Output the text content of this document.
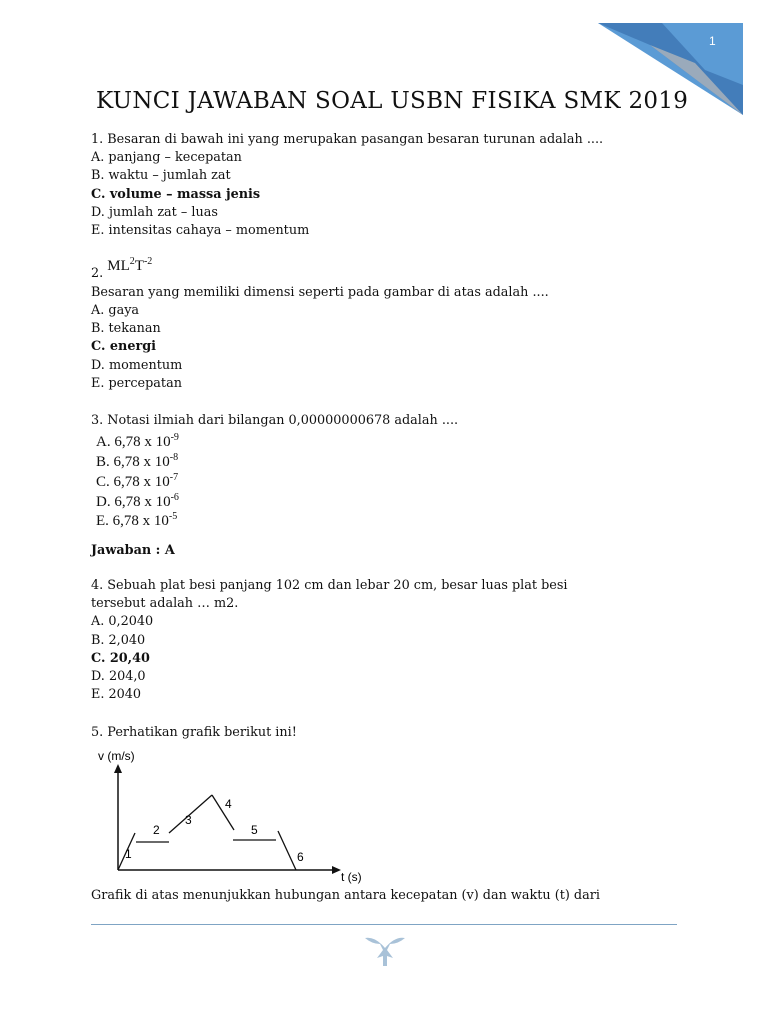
1
KUNCI JAWABAN SOAL USBN FISIKA SMK 2019
1. Besaran di bawah ini yang merupakan pasangan besaran turunan adalah ....
A. panjang – kecepatan
B. waktu – jumlah zat
C. volume – massa jenis
D. jumlah zat – luas
E. intensitas cahaya – momentum
2. $ML^2T^{-2}$
Besaran yang memiliki dimensi seperti pada gambar di atas adalah ....
A. gaya
B. tekanan
C. energi
D. momentum
E. percepatan
3. Notasi ilmiah dari bilangan 0,00000000678 adalah ....
A. 6,78 x $10^{-9}$
B. 6,78 x $10^{-8}$
C. 6,78 x $10^{-7}$
D. 6,78 x $10^{-6}$
E. 6,78 x $10^{-5}$
Jawaban : A
4. Sebuah plat besi panjang 102 cm dan lebar 20 cm, besar luas plat besi
tersebut adalah … m2.
A. 0,2040
B. 2,040
C. 20,40
D. 204,0
E. 2040
5. Perhatikan grafik berikut ini!
v (m/s)
t (s)
1
2
3
4
5
6
Grafik di atas menunjukkan hubungan antara kecepatan (v) dan waktu (t) dari
